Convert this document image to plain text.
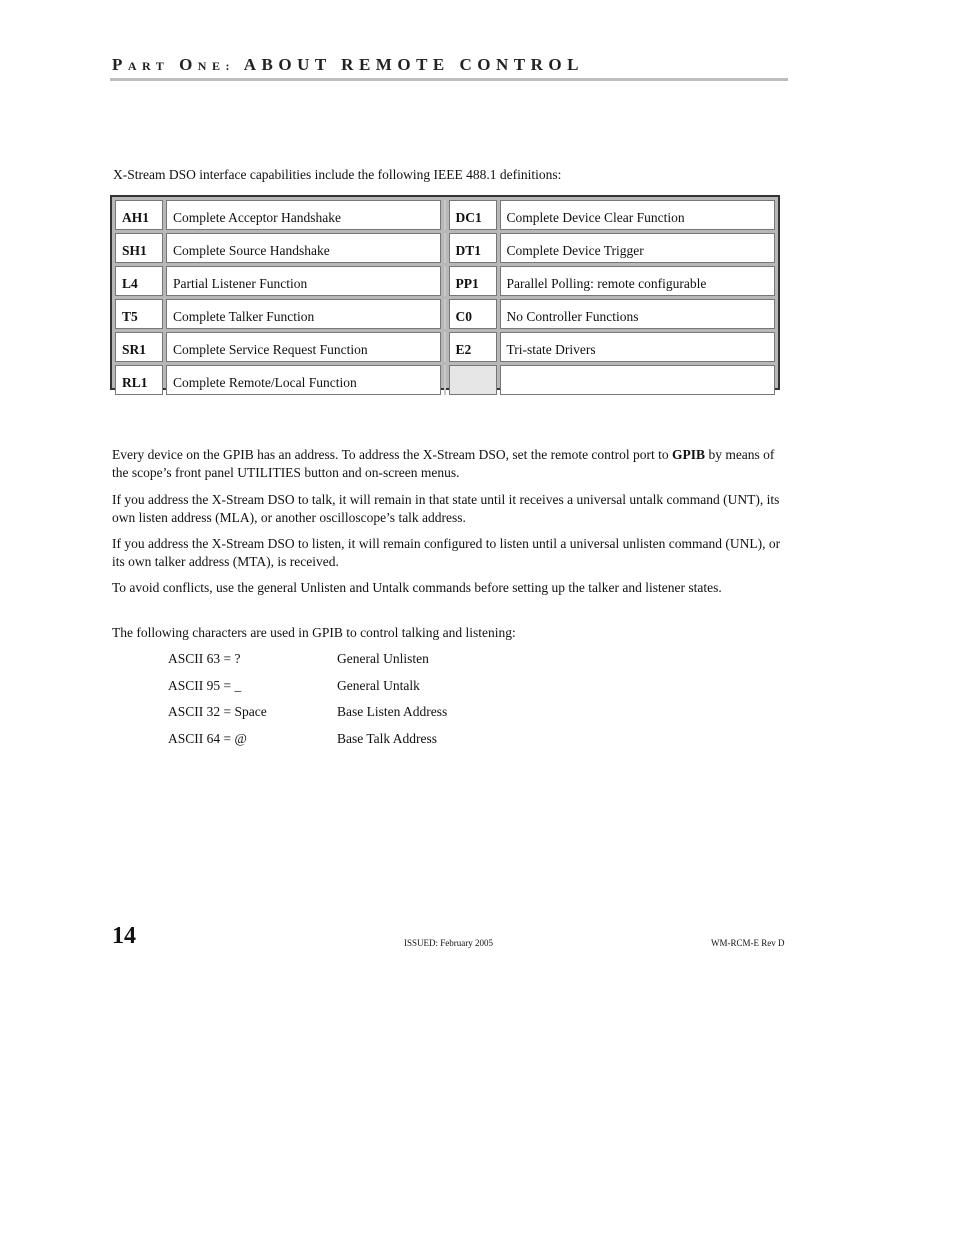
PART ONE: ABOUT REMOTE CONTROL
X-Stream DSO interface capabilities include the following IEEE 488.1 definitions:
AH1	Complete Acceptor Handshake		DC1	Complete Device Clear Function
SH1	Complete Source Handshake		DT1	Complete Device Trigger
L4	Partial Listener Function		PP1	Parallel Polling: remote configurable
T5	Complete Talker Function		C0	No Controller Functions
SR1	Complete Service Request Function		E2	Tri-state Drivers
RL1	Complete Remote/Local Function			
Every device on the GPIB has an address. To address the X-Stream DSO, set the remote control port to GPIB by means of the scope’s front panel UTILITIES button and on-screen menus.
If you address the X-Stream DSO to talk, it will remain in that state until it receives a universal untalk command (UNT), its own listen address (MLA), or another oscilloscope’s talk address.
If you address the X-Stream DSO to listen, it will remain configured to listen until a universal unlisten command (UNL), or its own talker address (MTA), is received.
To avoid conflicts, use the general Unlisten and Untalk commands before setting up the talker and listener states.
The following characters are used in GPIB to control talking and listening:
ASCII 63 = ?	General Unlisten
ASCII 95 = _	General Untalk
ASCII 32 = Space	Base Listen Address
ASCII 64 = @	Base Talk Address
14	ISSUED: February 2005	WM-RCM-E Rev D
